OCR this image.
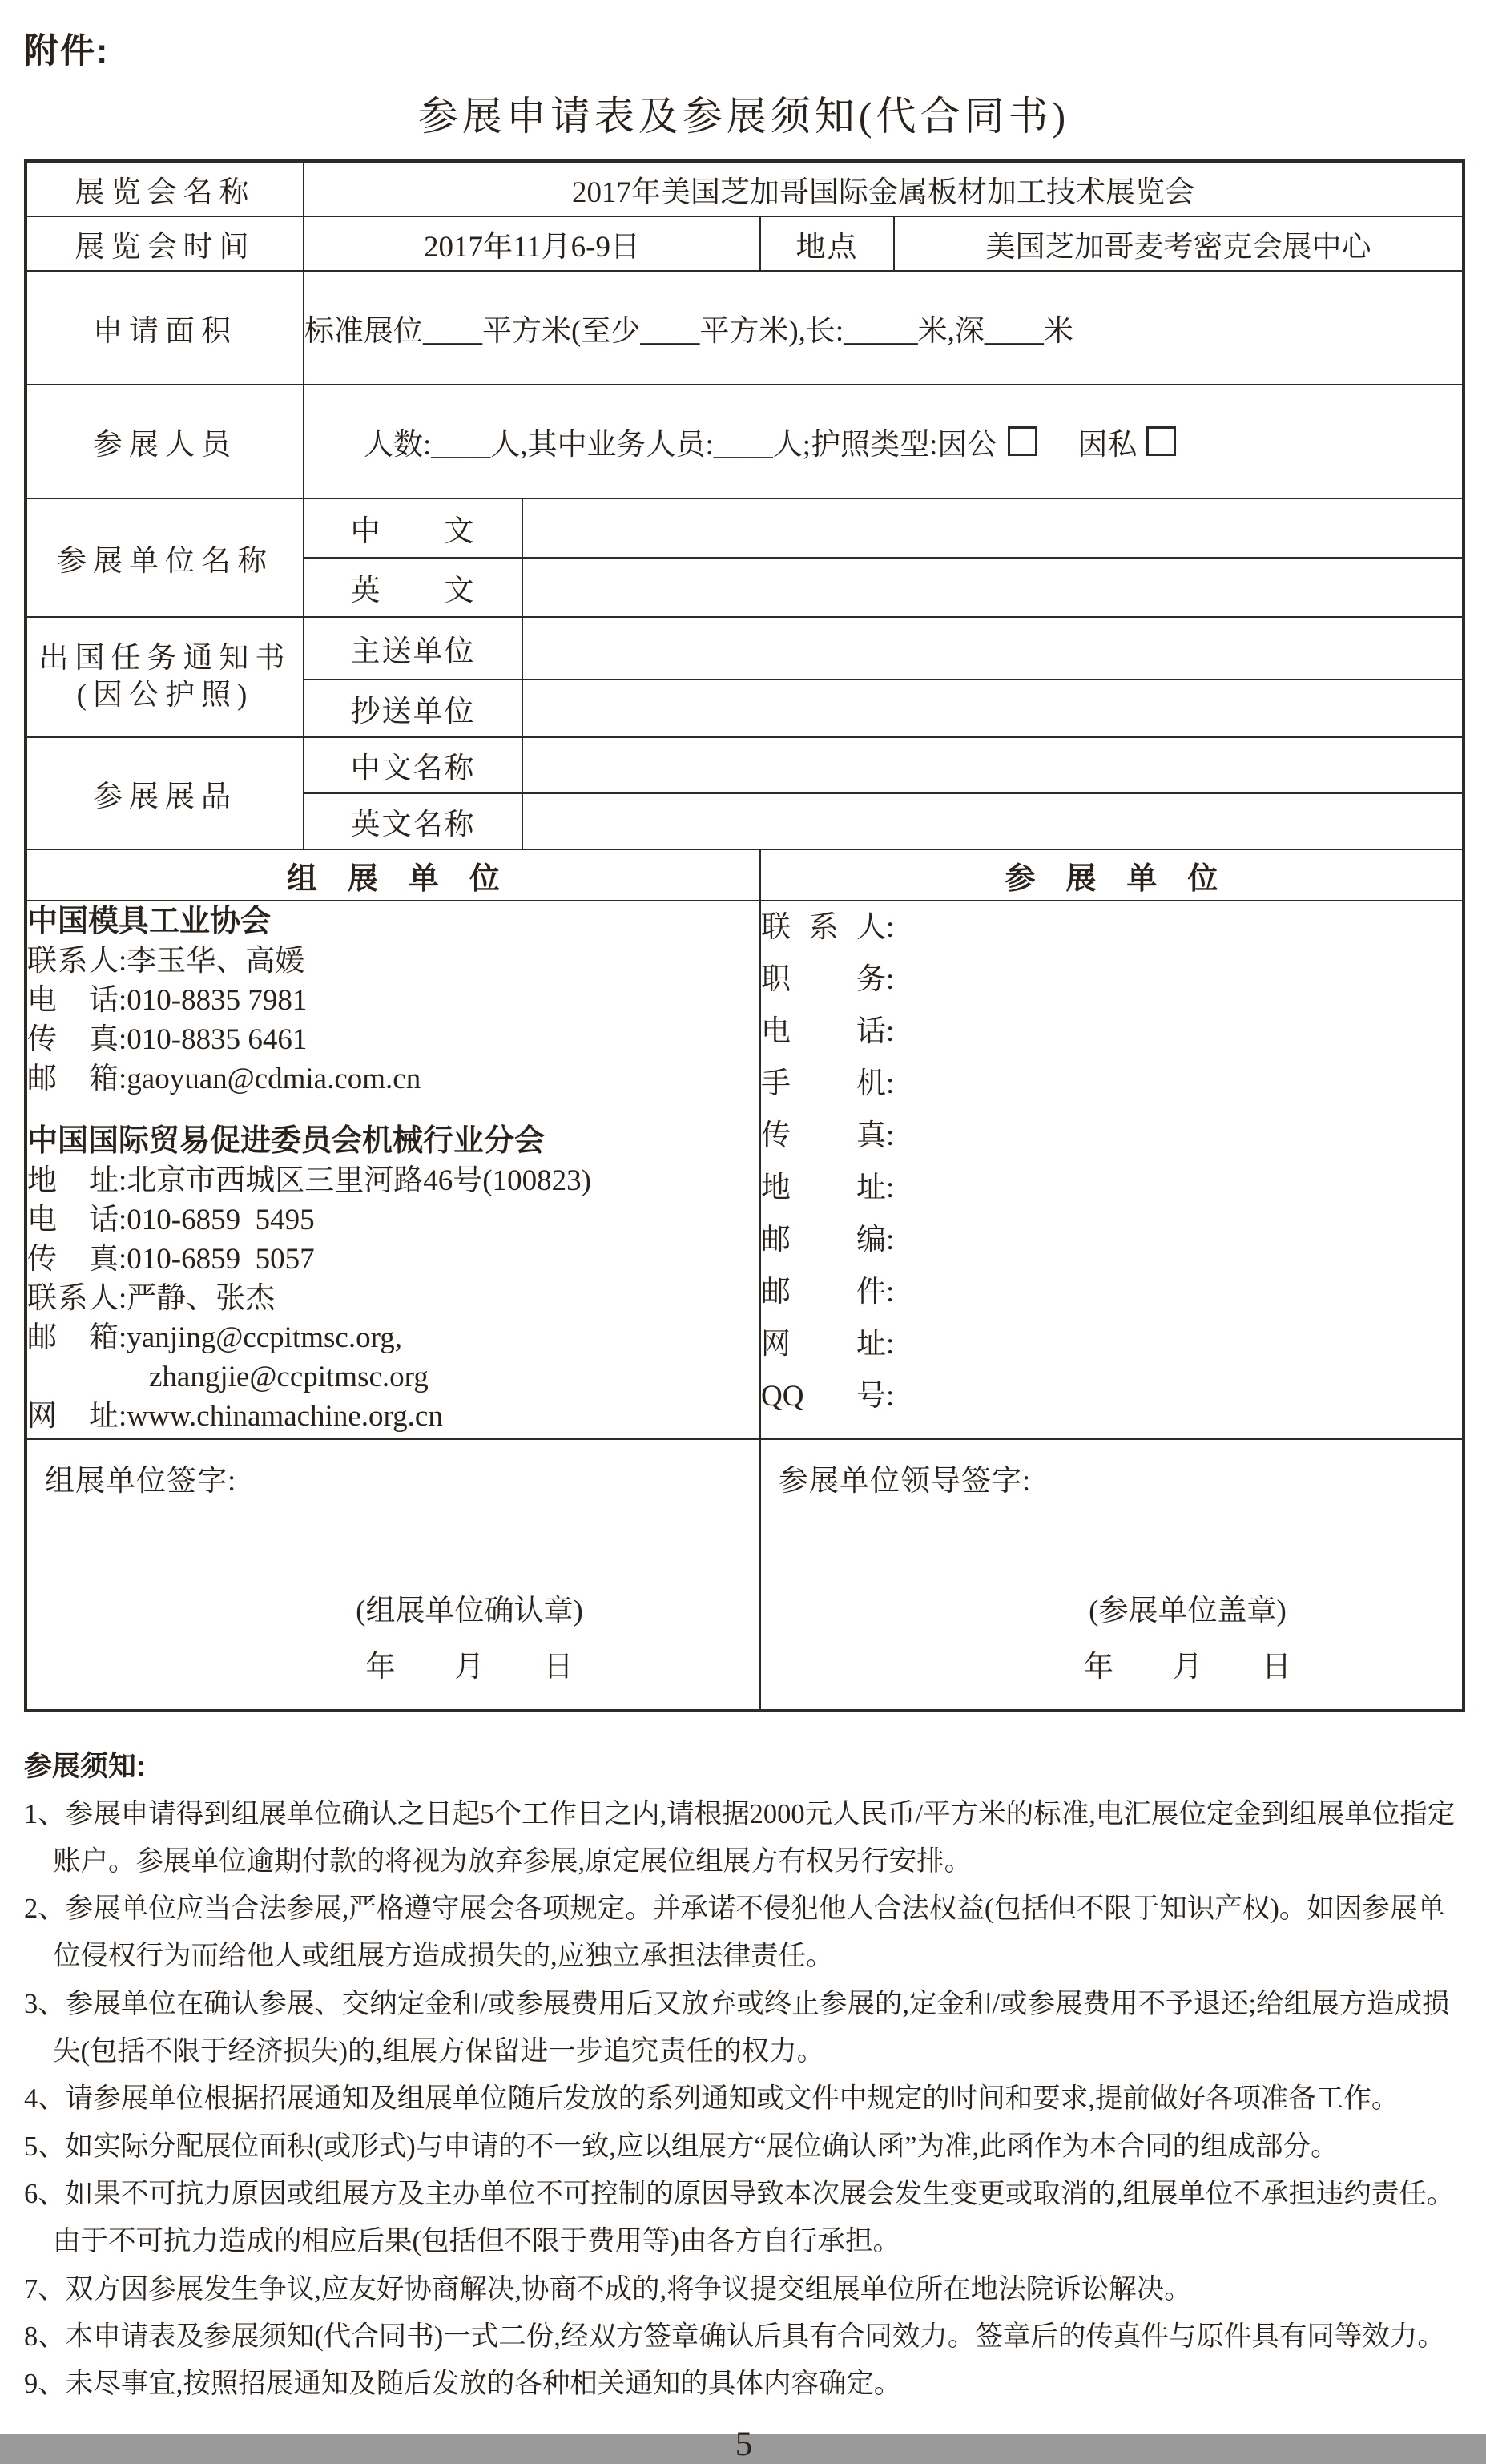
附件:
参展申请表及参展须知(代合同书)
展览会名称	2017年美国芝加哥国际金属板材加工技术展览会			
展览会时间	2017年11月6-9日		地点	美国芝加哥麦考密克会展中心
申请面积	标准展位____平方米(至少____平方米),长:_____米,深____米			
参展人员	人数:____人,其中业务人员:____人;护照类型:因公 因私			

参展单位名称	中　　文			
	英　　文			

出国任务通知书
(因公护照)	主送单位			
	抄送单位			
参展展品	中文名称			
	英文名称			
组　展　单　位			参　展　单　位	

中国模具工业协会
联系人:李玉华、高媛
电话:010-8835 7981
传真:010-8835 6461
邮箱:gaoyuan@cdmia.com.cn
中国国际贸易促进委员会机械行业分会
地址:北京市西城区三里河路46号(100823)
电话:010-6859  5495
传真:010-6859  5057
联系人:严静、张杰
邮箱:yanjing@ccpitmsc.org,
zhangjie@ccpitmsc.org
网址:www.chinamachine.org.cn

联系人:
职务:
电话:
手机:
传真:
地址:
邮编:
邮件:
网址:
QQ号:

组展单位签字:
(组展单位确认章)
年　　月　　日

参展单位领导签字:
(参展单位盖章)
年　　月　　日
参展须知:
1、参展申请得到组展单位确认之日起5个工作日之内,请根据2000元人民币/平方米的标准,电汇展位定金到组展单位指定账户。参展单位逾期付款的将视为放弃参展,原定展位组展方有权另行安排。
2、参展单位应当合法参展,严格遵守展会各项规定。并承诺不侵犯他人合法权益(包括但不限于知识产权)。如因参展单位侵权行为而给他人或组展方造成损失的,应独立承担法律责任。
3、参展单位在确认参展、交纳定金和/或参展费用后又放弃或终止参展的,定金和/或参展费用不予退还;给组展方造成损失(包括不限于经济损失)的,组展方保留进一步追究责任的权力。
4、请参展单位根据招展通知及组展单位随后发放的系列通知或文件中规定的时间和要求,提前做好各项准备工作。
5、如实际分配展位面积(或形式)与申请的不一致,应以组展方“展位确认函”为准,此函作为本合同的组成部分。
6、如果不可抗力原因或组展方及主办单位不可控制的原因导致本次展会发生变更或取消的,组展单位不承担违约责任。由于不可抗力造成的相应后果(包括但不限于费用等)由各方自行承担。
7、双方因参展发生争议,应友好协商解决,协商不成的,将争议提交组展单位所在地法院诉讼解决。
8、本申请表及参展须知(代合同书)一式二份,经双方签章确认后具有合同效力。签章后的传真件与原件具有同等效力。
9、未尽事宜,按照招展通知及随后发放的各种相关通知的具体内容确定。
5
